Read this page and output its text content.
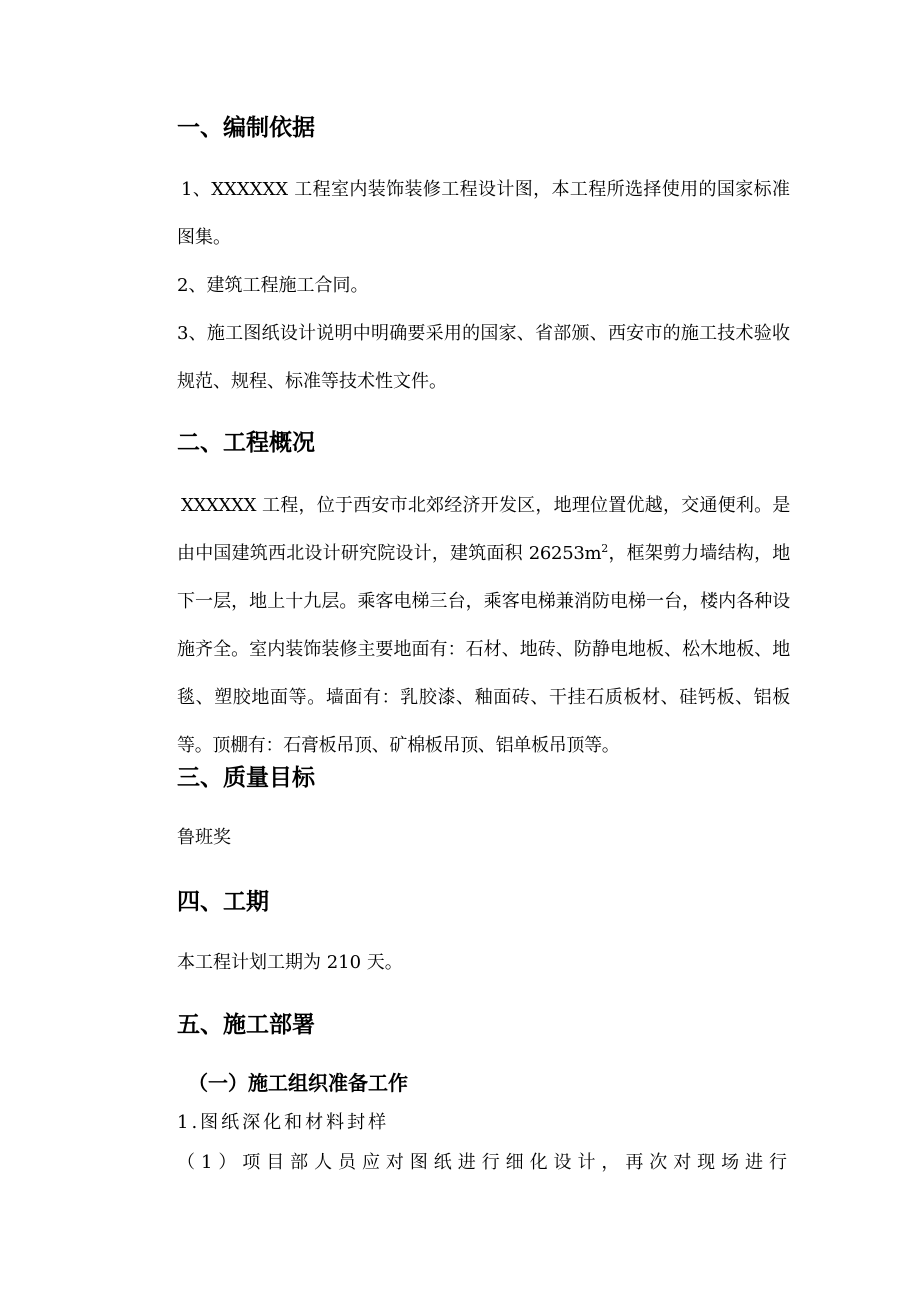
一、编制依据
1、XXXXXX 工程室内装饰装修工程设计图，本工程所选择使用的国家标准图集。
2、建筑工程施工合同。
3、施工图纸设计说明中明确要采用的国家、省部颁、西安市的施工技术验收规范、规程、标准等技术性文件。
二、工程概况
XXXXXX 工程，位于西安市北郊经济开发区，地理位置优越，交通便利。是由中国建筑西北设计研究院设计，建筑面积 $26253m^2$，框架剪力墙结构，地下一层，地上十九层。乘客电梯三台，乘客电梯兼消防电梯一台，楼内各种设施齐全。室内装饰装修主要地面有：石材、地砖、防静电地板、松木地板、地毯、塑胶地面等。墙面有：乳胶漆、釉面砖、干挂石质板材、硅钙板、铝板等。顶棚有：石膏板吊顶、矿棉板吊顶、铝单板吊顶等。
三、质量目标
鲁班奖
四、工期
本工程计划工期为 210 天。
五、施工部署
（一）施工组织准备工作
1.图纸深化和材料封样
（1）项目部人员应对图纸进行细化设计，再次对现场进行
